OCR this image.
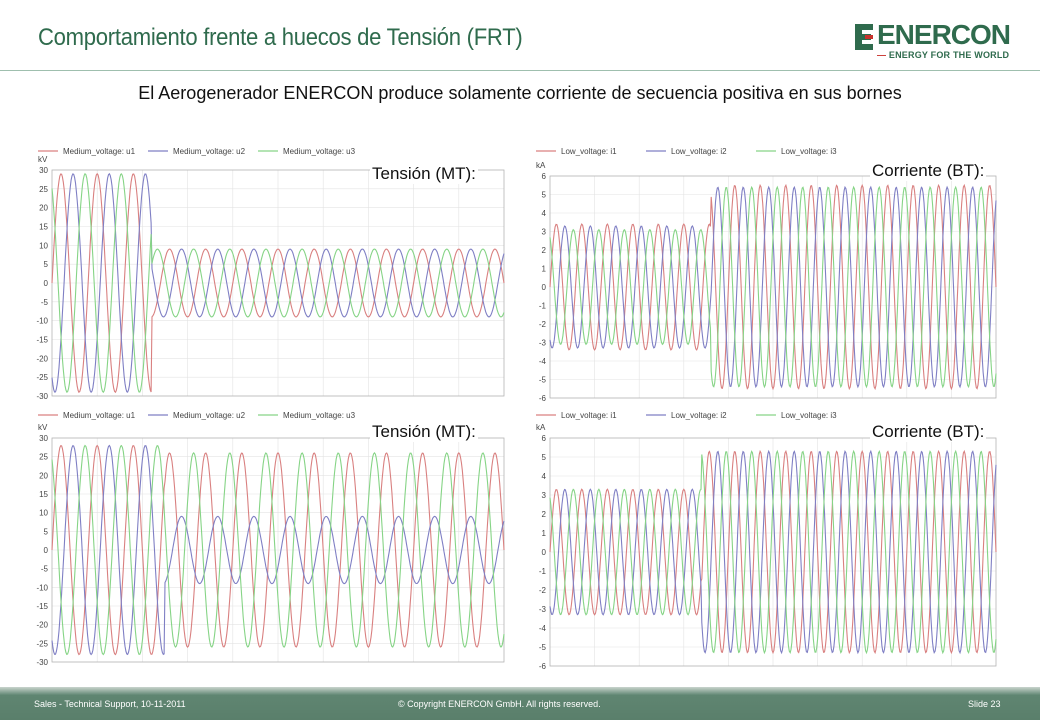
Comportamiento frente a huecos de Tensión (FRT)	ENERCON
— ENERGY FOR THE WORLD
El Aerogenerador ENERCON produce solamente corriente de secuencia positiva en sus bornes
Medium_voltage: u1	Medium_voltage: u2	Medium_voltage: u3
kV
30
25
20
15
10
5
0
-5
-10
-15
-20
-25
-30
Tensión (MT):
Low_voltage: i1	Low_voltage: i2	Low_voltage: i3
kA
6
5
4
3
2
1
0
-1
-2
-3
-4
-5
-6
Corriente (BT):
Medium_voltage: u1	Medium_voltage: u2	Medium_voltage: u3
kV
30
25
20
15
10
5
0
-5
-10
-15
-20
-25
-30
Tensión (MT):
Low_voltage: i1	Low_voltage: i2	Low_voltage: i3
kA
6
5
4
3
2
1
0
-1
-2
-3
-4
-5
-6
Corriente (BT):
Sales - Technical Support, 10-11-2011	© Copyright ENERCON GmbH. All rights reserved.	Slide 23
